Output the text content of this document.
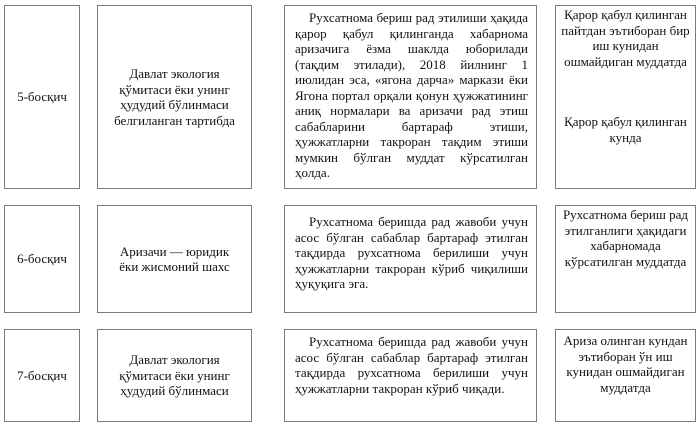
5-босқич
Давлат экология қўмитаси ёки унинг ҳудудий бўлинмаси белгиланган тартибда

Рухсатнома бериш рад этилиши ҳақида қарор қабул қилинганда хабарнома аризачига ёзма шаклда юборилади (тақдим этилади), 2018 йилнинг 1 июлидан эса, «ягона дарча» маркази ёки Ягона портал орқали қонун ҳужжатининг аниқ нормалари ва аризачи рад этиш сабабларини бартараф этиши, ҳужжатларни такроран тақдим этиши мумкин бўлган муддат кўрсатилган ҳолда.

Қарор қабул қилинган пайтдан эътиборан бир иш кунидан ошмайдиган муддатда

Қарор қабул қилинган кунда

6-босқич
Аризачи — юридик ёки жисмоний шахс

Рухсатнома беришда рад жавоби учун асос бўлган сабаблар бартараф этилган тақдирда рухсатнома берилиши учун ҳужжатларни такроран кўриб чиқилиши ҳуқуқига эга.

Рухсатнома бериш рад этилганлиги ҳақидаги хабарномада кўрсатилган муддатда

7-босқич
Давлат экология қўмитаси ёки унинг ҳудудий бўлинмаси

Рухсатнома беришда рад жавоби учун асос бўлган сабаблар бартараф этилган тақдирда рухсатнома берилиши учун ҳужжатларни такроран кўриб чиқади.

Ариза олинган кундан эътиборан ўн иш кунидан ошмайдиган муддатда
